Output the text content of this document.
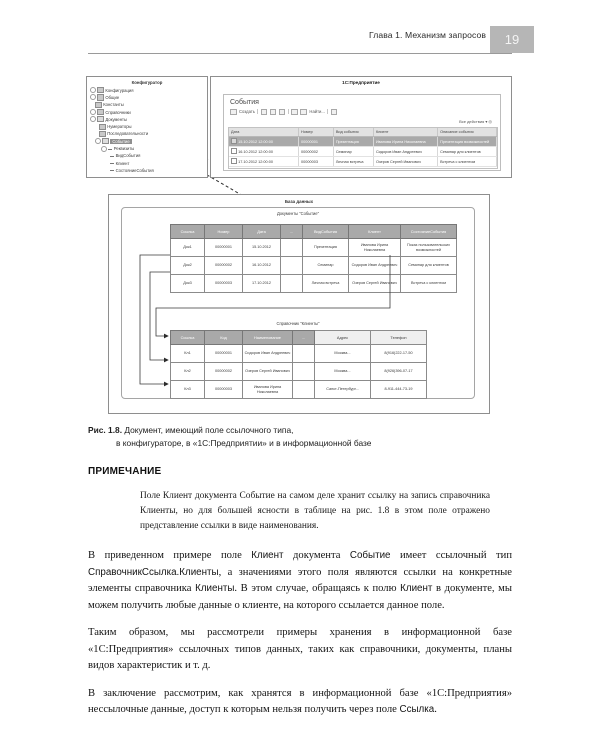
Глава 1. Механизм запросов	19
Конфигуратор
Конфигурация
Общие
Константы
Справочники
Документы
Нумераторы
Последовательности
Событие
Реквизиты
ВидСобытия
Клиент
СостояниеСобытия
1С:Предприятие
События
Создать	Найти...
Все действия ▾ ◎
Дата	Номер	Вид события	Клиент	Описание события
15.10.2012 12:00:00	00000001	Презентация	Иванова Ирина Николаевна	Презентация возможностей
16.10.2012 12:00:00	00000002	Семинар	Сидоров Иван Андреевич	Семинар для клиентов
17.10.2012 12:00:00	00000003	Личная встреча	Озеров Сергей Иванович	Встреча с клиентом
База данных
Документы "Событие"
Ссылка	Номер	Дата	…	ВидСобытия	Клиент	СостояниеСобытия
Док1	00000001	15.10.2012		Презентация	Иванова Ирина Николаевна	Показ пользовательских возможностей
Док2	00000002	16.10.2012		Семинар	Сидоров Иван Андреевич	Семинар для клиентов
Док3	00000003	17.10.2012		Личная встреча	Озеров Сергей Иванович	Встреча с клиентом
Справочник "Клиенты"
Ссылка	Код	Наименование	…	Адрес	Телефон
Кл1	00000001	Сидоров Иван Андреевич		Москва...	8(916)222-17-50
Кл2	00000002	Озеров Сергей Иванович		Москва...	8(926)396-07-17
Кл3	00000003	Иванова Ирина Николаевна		Санкт-Петербург...	8-911-444-73-19
Рис. 1.8. Документ, имеющий поле ссылочного типа,
в конфигураторе, в «1С:Предприятии» и в информационной базе
ПРИМЕЧАНИЕ
Поле Клиент документа Событие на самом деле хранит ссылку на запись справочника Клиенты, но для большей ясности в таблице на рис. 1.8 в этом поле отражено представление ссылки в виде наименования.

В приведенном примере поле Клиент документа Событие имеет ссылочный тип СправочникСсылка.Клиенты, а значениями этого поля являются ссылки на конкретные элементы справочника Клиенты. В этом случае, обращаясь к полю Клиент в документе, мы можем получить любые данные о клиенте, на которого ссылается данное поле.

Таким образом, мы рассмотрели примеры хранения в информационной базе «1С:Предприятия» ссылочных типов данных, таких как справочники, документы, планы видов характеристик и т. д.

В заключение рассмотрим, как хранятся в информационной базе «1С:Предприятия» нессылочные данные, доступ к которым нельзя получить через поле Ссылка.
